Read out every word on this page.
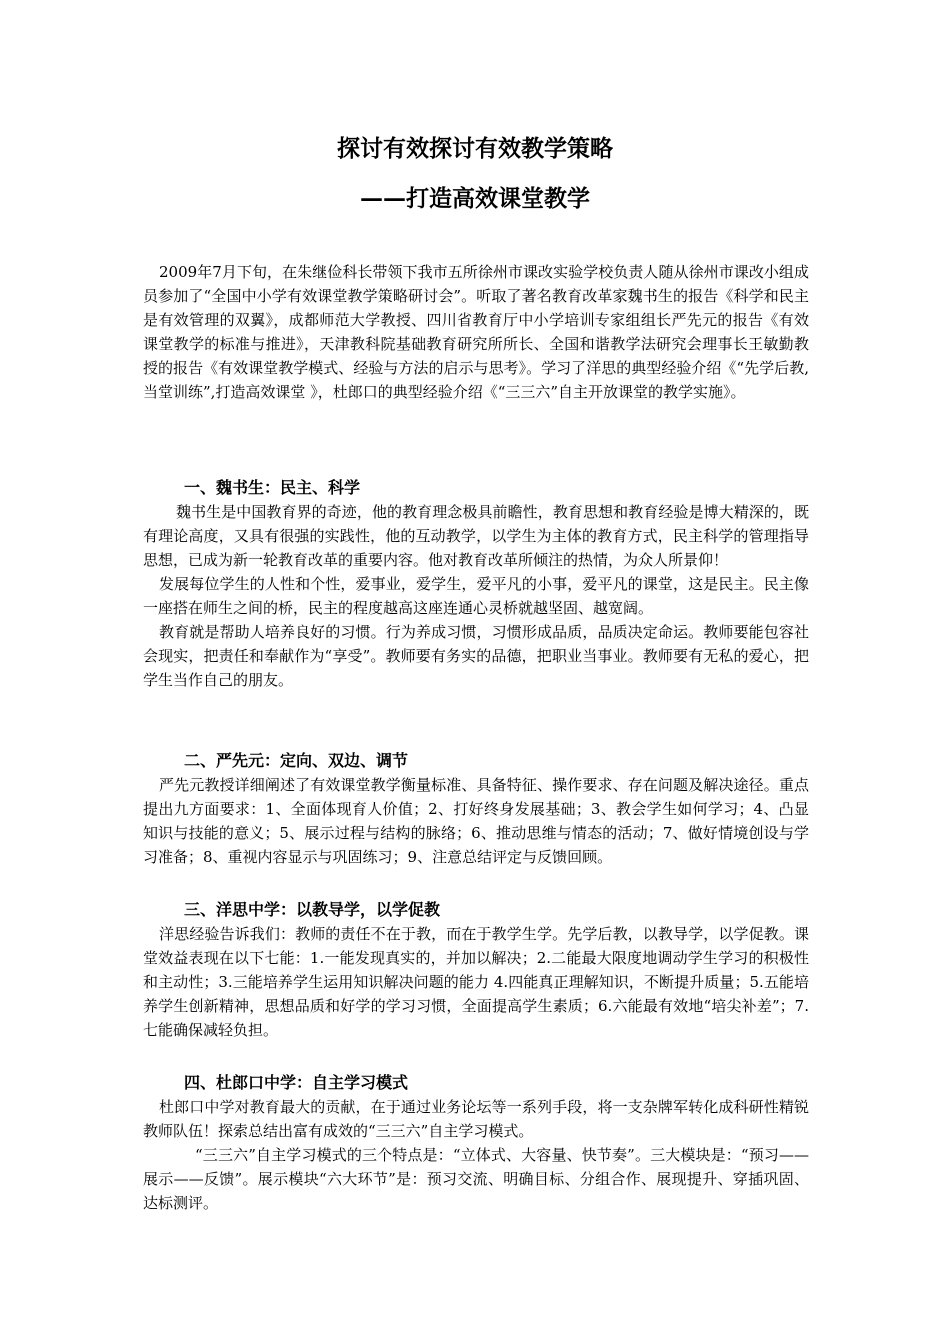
探讨有效探讨有效教学策略
——打造高效课堂教学

2009年7月下旬，在朱继俭科长带领下我市五所徐州市课改实验学校负责人随从徐州市课改小组成员参加了“全国中小学有效课堂教学策略研讨会”。听取了著名教育改革家魏书生的报告《科学和民主是有效管理的双翼》，成都师范大学教授、四川省教育厅中小学培训专家组组长严先元的报告《有效课堂教学的标准与推进》，天津教科院基础教育研究所所长、全国和谐教学法研究会理事长王敏勤教授的报告《有效课堂教学模式、经验与方法的启示与思考》。学习了洋思的典型经验介绍《“先学后教,当堂训练”,打造高效课堂 》，杜郎口的典型经验介绍《“三三六”自主开放课堂的教学实施》。

一、魏书生：民主、科学

魏书生是中国教育界的奇迹，他的教育理念极具前瞻性，教育思想和教育经验是博大精深的，既有理论高度，又具有很强的实践性，他的互动教学，以学生为主体的教育方式，民主科学的管理指导思想，已成为新一轮教育改革的重要内容。他对教育改革所倾注的热情，为众人所景仰！

发展每位学生的人性和个性，爱事业，爱学生，爱平凡的小事，爱平凡的课堂，这是民主。民主像一座搭在师生之间的桥，民主的程度越高这座连通心灵桥就越坚固、越宽阔。

教育就是帮助人培养良好的习惯。行为养成习惯，习惯形成品质，品质决定命运。教师要能包容社会现实，把责任和奉献作为“享受”。教师要有务实的品德，把职业当事业。教师要有无私的爱心，把学生当作自己的朋友。

二、严先元：定向、双边、调节

严先元教授详细阐述了有效课堂教学衡量标准、具备特征、操作要求、存在问题及解决途径。重点提出九方面要求：1、全面体现育人价值；2、打好终身发展基础；3、教会学生如何学习；4、凸显知识与技能的意义；5、展示过程与结构的脉络；6、推动思维与情态的活动；7、做好情境创设与学习准备；8、重视内容显示与巩固练习；9、注意总结评定与反馈回顾。

三、洋思中学：以教导学，以学促教

洋思经验告诉我们：教师的责任不在于教，而在于教学生学。先学后教，以教导学，以学促教。课堂效益表现在以下七能：1.一能发现真实的，并加以解决；2.二能最大限度地调动学生学习的积极性和主动性；3.三能培养学生运用知识解决问题的能力 4.四能真正理解知识，不断提升质量；5.五能培养学生创新精神，思想品质和好学的学习习惯，全面提高学生素质；6.六能最有效地“培尖补差”；7.七能确保减轻负担。

四、杜郎口中学：自主学习模式

杜郎口中学对教育最大的贡献，在于通过业务论坛等一系列手段，将一支杂牌军转化成科研性精锐教师队伍！探索总结出富有成效的“三三六”自主学习模式。

“三三六”自主学习模式的三个特点是：“立体式、大容量、快节奏”。三大模块是：“预习——展示——反馈”。展示模块“六大环节”是：预习交流、明确目标、分组合作、展现提升、穿插巩固、达标测评。
